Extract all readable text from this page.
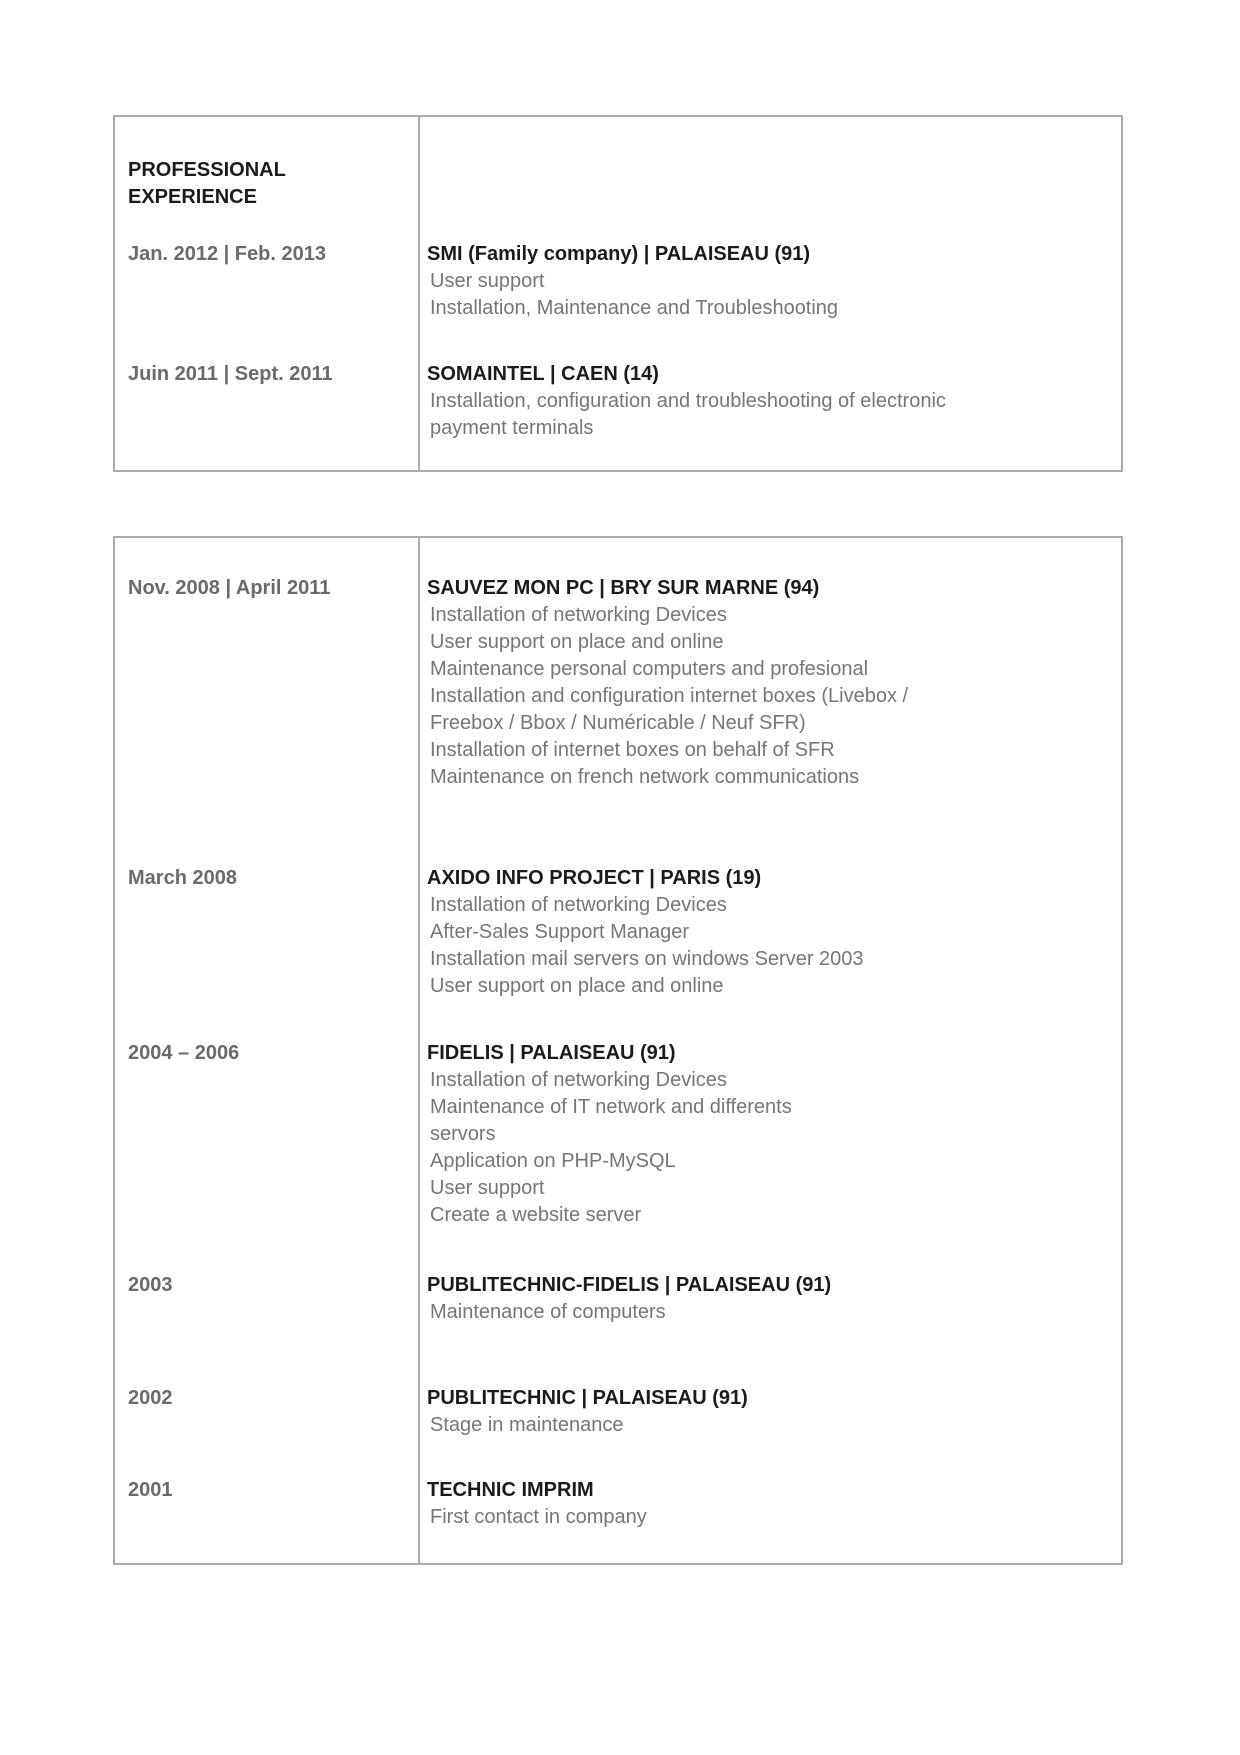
PROFESSIONAL EXPERIENCE
Jan. 2012 | Feb. 2013	SMI (Family company) | PALAISEAU (91)
User support
Installation, Maintenance and Troubleshooting
Juin 2011 | Sept. 2011	SOMAINTEL | CAEN (14)
Installation, configuration and troubleshooting of electronic
payment terminals
Nov. 2008 | April 2011	SAUVEZ MON PC | BRY SUR MARNE (94)
Installation of networking Devices
User support on place and online
Maintenance personal computers and profesional
Installation and configuration internet boxes (Livebox /
Freebox / Bbox / Numéricable / Neuf SFR)
Installation of internet boxes on behalf of SFR
Maintenance on french network communications
March 2008	AXIDO INFO PROJECT | PARIS (19)
Installation of networking Devices
After-Sales Support Manager
Installation mail servers on windows Server 2003
User support on place and online
2004 – 2006	FIDELIS | PALAISEAU (91)
Installation of networking Devices
Maintenance of IT network and differents
servors
Application on PHP-MySQL
User support
Create a website server
2003	PUBLITECHNIC-FIDELIS | PALAISEAU (91)
Maintenance of computers
2002	PUBLITECHNIC | PALAISEAU (91)
Stage in maintenance
2001	TECHNIC IMPRIM
First contact in company
